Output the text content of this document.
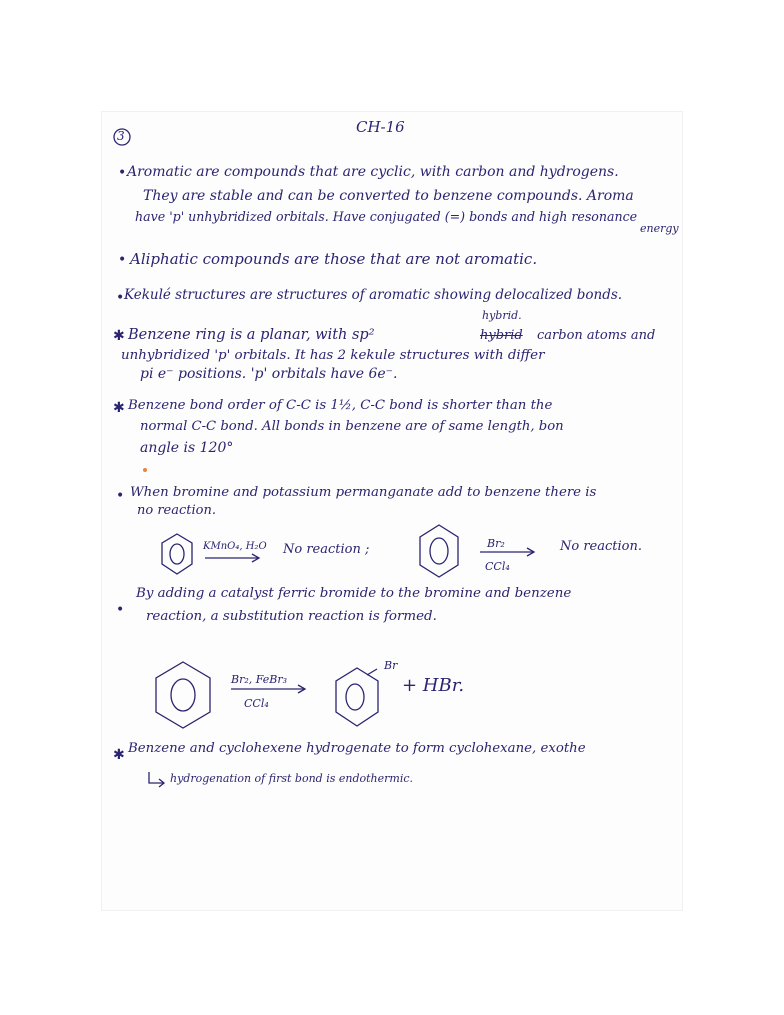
3	CH-16
• Aromatic are compounds that are cyclic, with carbon and hydrogens.
They are stable and can be converted to benzene compounds. Aroma
have 'p' unhybridized orbitals. Have conjugated (=) bonds and high resonance
energy
• Aliphatic compounds are those that are not aromatic.
• Kekulé structures are structures of aromatic showing delocalized bonds.
hybrid.
✱ Benzene ring is a planar, with sp²	hybrid carbon atoms and
unhybridized 'p' orbitals. It has 2 kekule structures with differ
pi e⁻ positions. 'p' orbitals have 6e⁻.
✱ Benzene bond order of C-C is 1½, C-C bond is shorter than the
normal C-C bond. All bonds in benzene are of same length, bon
angle is 120°
• When bromine and potassium permanganate add to benzene there is
no reaction.
KMnO₄, H₂O No reaction ;	Br₂
CCl₄
No reaction.
•
By adding a catalyst ferric bromide to the bromine and benzene
reaction, a substitution reaction is formed.
Br₂, FeBr₃
CCl₄
Br
+ HBr.
✱ Benzene and cyclohexene hydrogenate to form cyclohexane, exothe
hydrogenation of first bond is endothermic.
